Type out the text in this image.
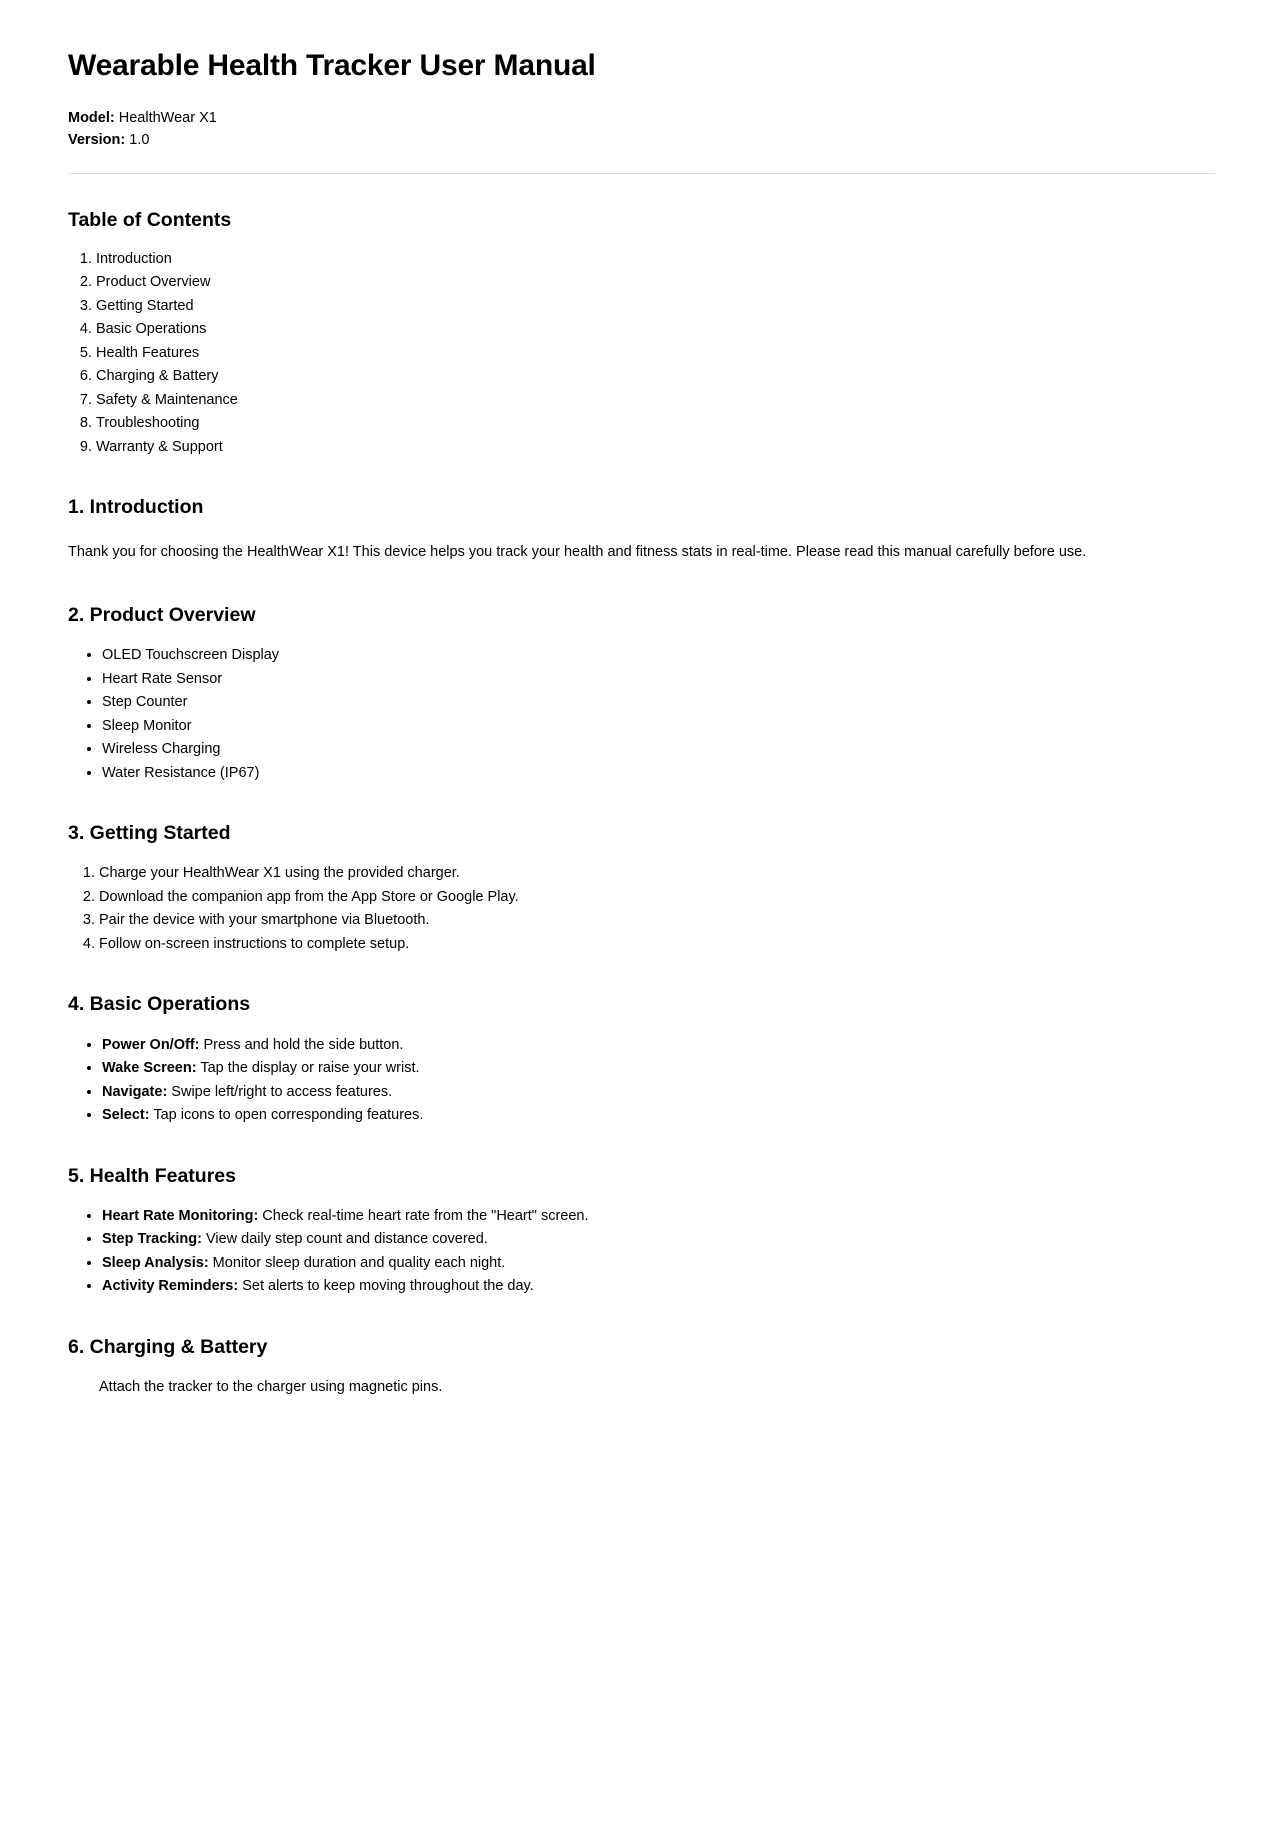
Wearable Health Tracker User Manual

Model: HealthWear X1

Version: 1.0

Table of Contents
1. Introduction
2. Product Overview
3. Getting Started
4. Basic Operations
5. Health Features
6. Charging & Battery
7. Safety & Maintenance
8. Troubleshooting
9. Warranty & Support
1. Introduction

Thank you for choosing the HealthWear X1! This device helps you track your health and fitness stats in real-time. Please read this manual carefully before use.

2. Product Overview
• OLED Touchscreen Display
• Heart Rate Sensor
• Step Counter
• Sleep Monitor
• Wireless Charging
• Water Resistance (IP67)
3. Getting Started
1. Charge your HealthWear X1 using the provided charger.
2. Download the companion app from the App Store or Google Play.
3. Pair the device with your smartphone via Bluetooth.
4. Follow on-screen instructions to complete setup.
4. Basic Operations
• Power On/Off: Press and hold the side button.
• Wake Screen: Tap the display or raise your wrist.
• Navigate: Swipe left/right to access features.
• Select: Tap icons to open corresponding features.
5. Health Features
• Heart Rate Monitoring: Check real-time heart rate from the "Heart" screen.
• Step Tracking: View daily step count and distance covered.
• Sleep Analysis: Monitor sleep duration and quality each night.
• Activity Reminders: Set alerts to keep moving throughout the day.
6. Charging & Battery
Attach the tracker to the charger using magnetic pins.
